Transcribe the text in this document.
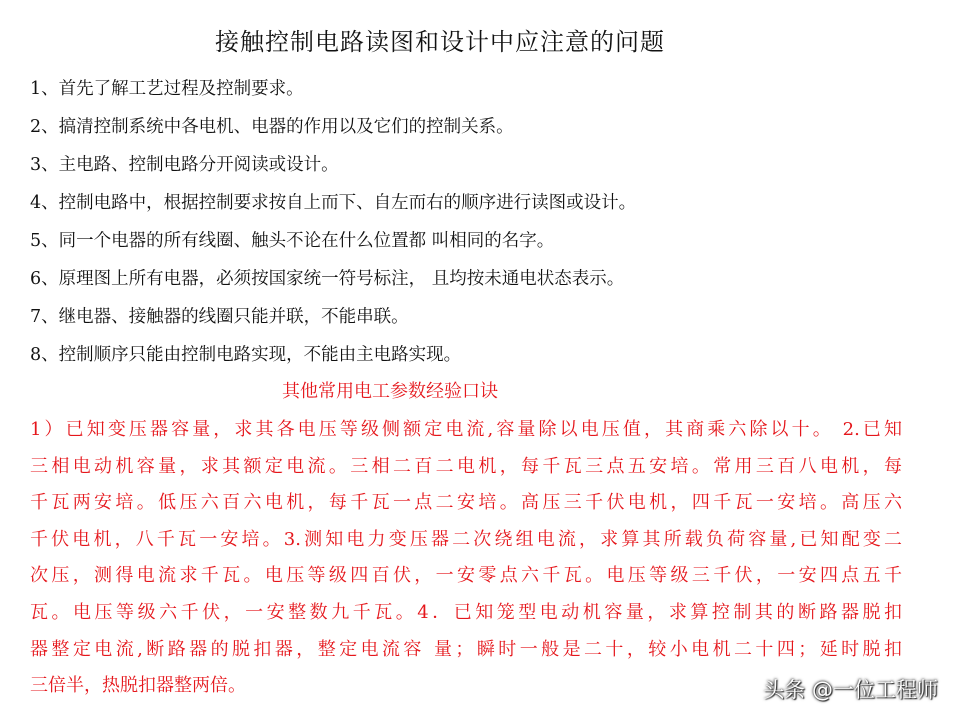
接触控制电路读图和设计中应注意的问题
1、首先了解工艺过程及控制要求。
2、搞清控制系统中各电机、电器的作用以及它们的控制关系。
3、主电路、控制电路分开阅读或设计。
4、控制电路中，根据控制要求按自上而下、自左而右的顺序进行读图或设计。
5、同一个电器的所有线圈、触头不论在什么位置都 叫相同的名字。
6、原理图上所有电器，必须按国家统一符号标注， 且均按未通电状态表示。
7、继电器、接触器的线圈只能并联，不能串联。
8、控制顺序只能由控制电路实现，不能由主电路实现。
其他常用电工参数经验口诀
1）已知变压器容量，求其各电压等级侧额定电流,容量除以电压值，其商乘六除以十。 2.已知
三相电动机容量，求其额定电流。三相二百二电机，每千瓦三点五安培。常用三百八电机，每
千瓦两安培。低压六百六电机，每千瓦一点二安培。高压三千伏电机，四千瓦一安培。高压六
千伏电机，八千瓦一安培。3.测知电力变压器二次绕组电流，求算其所载负荷容量,已知配变二
次压，测得电流求千瓦。电压等级四百伏，一安零点六千瓦。电压等级三千伏，一安四点五千
瓦。电压等级六千伏，一安整数九千瓦。4．已知笼型电动机容量，求算控制其的断路器脱扣
器整定电流,断路器的脱扣器，整定电流容 量；瞬时一般是二十，较小电机二十四；延时脱扣
三倍半，热脱扣器整两倍。	头条 @一位工程师
